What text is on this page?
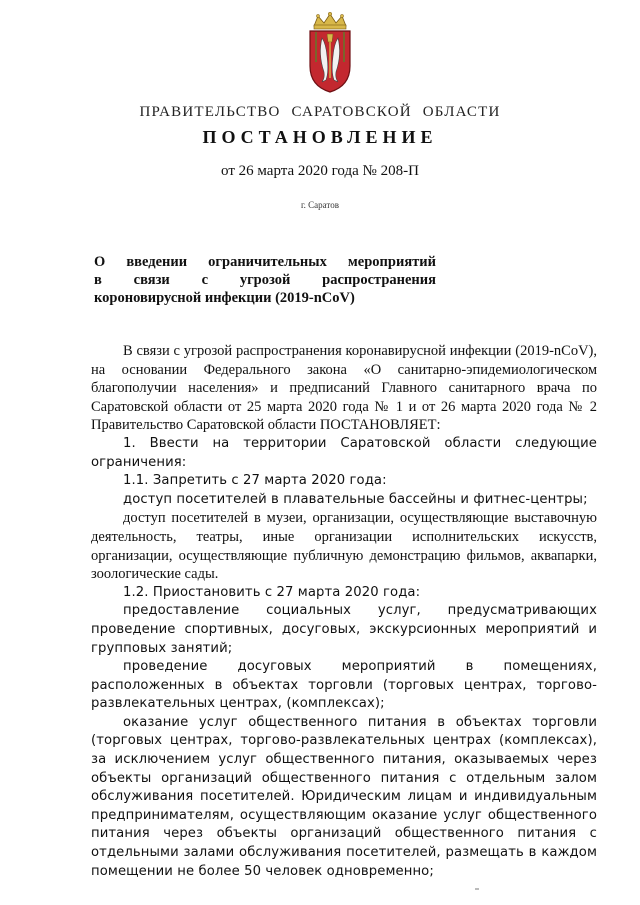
ПРАВИТЕЛЬСТВО САРАТОВСКОЙ ОБЛАСТИ
ПОСТАНОВЛЕНИЕ
от 26 марта 2020 года № 208-П
г. Саратов
О введении ограничительных мероприятий
в связи с угрозой распространения
короновирусной инфекции (2019-nCoV)

В связи с угрозой распространения коронавирусной инфекции (2019-nCoV), на основании Федерального закона «О санитарно-эпидемиологическом благополучии населения» и предписаний Главного санитарного врача по Саратовской области от 25 марта 2020 года № 1 и от 26 марта 2020 года № 2 Правительство Саратовской области ПОСТАНОВЛЯЕТ:

1. Ввести на территории Саратовской области следующие ограничения:

1.1. Запретить с 27 марта 2020 года:

доступ посетителей в плавательные бассейны и фитнес-центры;

доступ посетителей в музеи, организации, осуществляющие выставочную деятельность, театры, иные организации исполнительских искусств, организации, осуществляющие публичную демонстрацию фильмов, аквапарки, зоологические сады.

1.2. Приостановить с 27 марта 2020 года:

предоставление социальных услуг, предусматривающих проведение спортивных, досуговых, экскурсионных мероприятий и групповых занятий;

проведение досуговых мероприятий в помещениях, расположенных в объектах торговли (торговых центрах, торгово-развлекательных центрах, (комплексах);

оказание услуг общественного питания в объектах торговли (торговых центрах, торгово-развлекательных центрах (комплексах), за исключением услуг общественного питания, оказываемых через объекты организаций общественного питания с отдельным залом обслуживания посетителей. Юридическим лицам и индивидуальным предпринимателям, осуществляющим оказание услуг общественного питания через объекты организаций общественного питания с отдельными залами обслуживания посетителей, размещать в каждом помещении не более 50 человек одновременно;
